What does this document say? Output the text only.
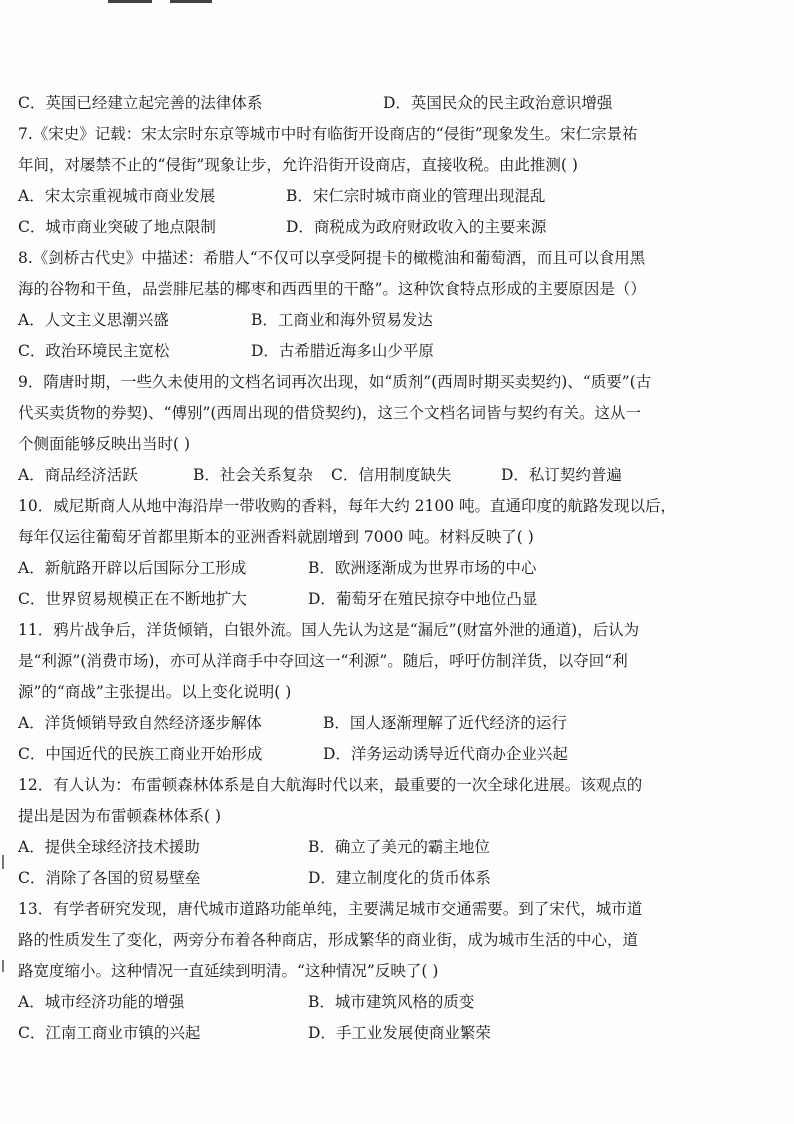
C．英国已经建立起完善的法律体系	D．英国民众的民主政治意识增强
7.《宋史》记载：宋太宗时东京等城市中时有临街开设商店的“侵街”现象发生。宋仁宗景祐
年间，对屡禁不止的“侵街”现象让步，允许沿街开设商店，直接收税。由此推测( )
A．宋太宗重视城市商业发展	B．宋仁宗时城市商业的管理出现混乱
C．城市商业突破了地点限制	D．商税成为政府财政收入的主要来源
8.《剑桥古代史》中描述：希腊人“不仅可以享受阿提卡的橄榄油和葡萄酒，而且可以食用黑
海的谷物和干鱼，品尝腓尼基的椰枣和西西里的干酪”。这种饮食特点形成的主要原因是（）
A．人文主义思潮兴盛	B．工商业和海外贸易发达
C．政治环境民主宽松	D．古希腊近海多山少平原
9．隋唐时期，一些久未使用的文档名词再次出现，如“质剂”(西周时期买卖契约)、“质要”(古
代买卖货物的券契)、“傅别”(西周出现的借贷契约)，这三个文档名词皆与契约有关。这从一
个侧面能够反映出当时( )
A．商品经济活跃	B．社会关系复杂	C．信用制度缺失	D．私订契约普遍
10．威尼斯商人从地中海沿岸一带收购的香料，每年大约 2100 吨。直通印度的航路发现以后，
每年仅运往葡萄牙首都里斯本的亚洲香料就剧增到 7000 吨。材料反映了( )
A．新航路开辟以后国际分工形成	B．欧洲逐渐成为世界市场的中心
C．世界贸易规模正在不断地扩大	D．葡萄牙在殖民掠夺中地位凸显
11．鸦片战争后，洋货倾销，白银外流。国人先认为这是“漏卮”(财富外泄的通道)，后认为
是“利源”(消费市场)，亦可从洋商手中夺回这一“利源”。随后，呼吁仿制洋货，以夺回“利
源”的“商战”主张提出。以上变化说明( )
A．洋货倾销导致自然经济逐步解体	B．国人逐渐理解了近代经济的运行
C．中国近代的民族工商业开始形成	D．洋务运动诱导近代商办企业兴起
12．有人认为：布雷顿森林体系是自大航海时代以来，最重要的一次全球化进展。该观点的
提出是因为布雷顿森林体系( )
A．提供全球经济技术援助	B．确立了美元的霸主地位
C．消除了各国的贸易壁垒	D．建立制度化的货币体系
13．有学者研究发现，唐代城市道路功能单纯，主要满足城市交通需要。到了宋代，城市道
路的性质发生了变化，两旁分布着各种商店，形成繁华的商业街，成为城市生活的中心，道
路宽度缩小。这种情况一直延续到明清。“这种情况”反映了( )
A．城市经济功能的增强	B．城市建筑风格的质变
C．江南工商业市镇的兴起	D．手工业发展使商业繁荣
